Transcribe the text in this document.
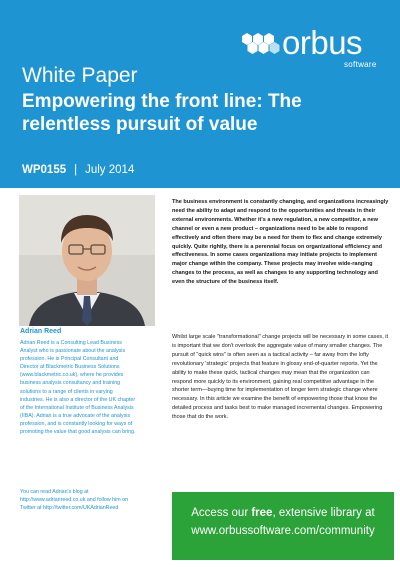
orbus
software
White Paper
Empowering the front line: The relentless pursuit of value
WP0155 | July 2014
Adrian Reed
Adrian Reed is a Consulting Lead Business Analyst who is passionate about the analysis profession. He is Principal Consultant and Director at Blackmetric Business Solutions (www.blackmetric.co.uk), where he provides business analysis consultancy and training solutions to a range of clients in varying industries. He is also a director of the UK chapter of the International Institute of Business Analysis (IIBA). Adrian is a true advocate of the analysis profession, and is constantly looking for ways of promoting the value that good analysis can bring.
You can read Adrian's blog at http://www.adrianreed.co.uk and follow him on Twitter at http://twitter.com/UKAdrianReed
The business environment is constantly changing, and organizations increasingly need the ability to adapt and respond to the opportunities and threats in their external environments. Whether it's a new regulation, a new competitor, a new channel or even a new product – organizations need to be able to respond effectively and often there may be a need for them to flex and change extremely quickly. Quite rightly, there is a perennial focus on organizational efficiency and effectiveness. In some cases organizations may initiate projects to implement major change within the company. These projects may involve wide-ranging changes to the process, as well as changes to any supporting technology and even the structure of the business itself.
Whilst large scale "transformational" change projects will be necessary in some cases, it is important that we don't overlook the aggregate value of many smaller changes. The pursuit of "quick wins" is often seen as a tactical activity – far away from the lofty revolutionary 'strategic' projects that feature in glossy end-of-quarter reports. Yet the ability to make these quick, tactical changes may mean that the organization can respond more quickly to its environment, gaining real competitive advantage in the shorter term—buying time for implementation of longer term strategic change where necessary. In this article we examine the benefit of empowering those that know the detailed process and tasks best to make managed incremental changes. Empowering those that do the work.
Access our free, extensive library at
www.orbussoftware.com/community
